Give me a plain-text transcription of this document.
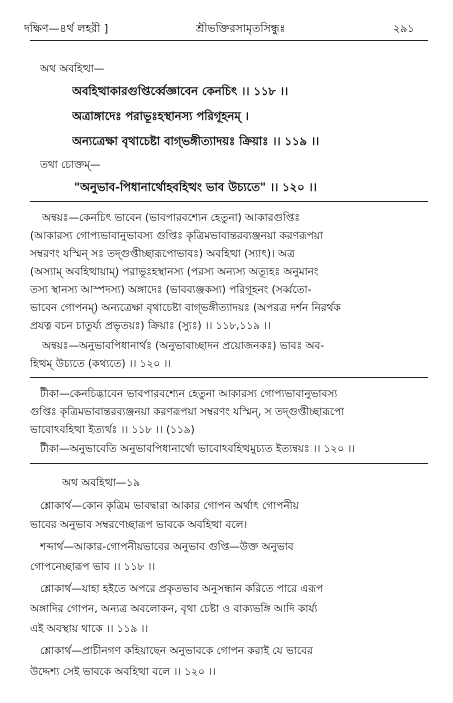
দক্ষিণ—৪র্থ লহরী ]	শ্রীভক্তিরসামৃতসিন্ধুঃ	২৯১
অথ অবহিত্থা—
অবহিত্থাকারগুপ্তিৰ্ব্বেজ্ঞাবেন কেনচিৎ ।। ১১৮ ।।
অত্রাঙ্গাদেঃ পরাভূঃহস্থানস্য পরিগূহনম্ ।
অন্যত্রেক্ষা বৃথাচেষ্টা বাগ্‌ভঙ্গীত্যাদয়ঃ ক্রিয়াঃ ।। ১১৯ ।।
তথা চোক্তম্—
"অনুভাব-পিধানার্থোহবহিত্থং ভাব উচ্যতে" ।। ১২০ ।।
অন্বয়ঃ—কেনচিৎ ভাবেন (ভাবপারবশ্যেন হেতুনা) আকারগুপ্তিঃ
(আকারস্য গোপ্যভাবানুভাবস্য গুপ্তিঃ কৃত্রিমভাবান্তরব্যঞ্জনয়া করণরূপয়া
সম্বরণং যস্মিন্ সঃ তদ্‌গুপ্তীচ্ছারূপোভাবঃ) অবহিত্থা (স্যাৎ)। অত্র
(অস্যাম্ অবহিত্থায়াম্) পরাভূঃহস্থানস্য (পরস্য অন্যস্য অত্যূহঃ অনুমানং
তস্য স্থানস্য আস্পদস্য) অঙ্গাদেঃ (ভাবব্যঞ্জকস্য) পরিগূহনং (সর্ব্বতো-
ভাবেন গোপনম্) অন্যত্রেক্ষা বৃথাচেষ্টা বাগ্‌ভঙ্গীত্যাদয়ঃ (অপরত্র দর্শন নিরর্থক
প্রযত্ন বচন চাতুর্য্য প্রভৃতয়ঃ) ক্রিয়াঃ (স্যুঃ) ।। ১১৮,১১৯ ।।
অন্বয়ঃ—অনুভাবপিধানার্থঃ (অনুভাবাচ্ছাদন প্রয়োজনকঃ) ভাবঃ অব-
হিত্থম্ উচ্যতে (কথ্যতে) ।। ১২০ ।।
টীকা—কেনচিদ্ভাবেন ভাবপারবশ্যেন হেতুনা আকারস্য গোপ্যভাবানুভাবস্য
গুপ্তিঃ কৃত্রিমভাবান্তরব্যঞ্জনয়া করণরূপয়া সম্বরণং যস্মিন্, স তদ্‌গুপ্তীচ্ছারূপো
ভাবোঽবহিত্থা ইত্যর্থঃ ।। ১১৮ ।। (১১৯)
টীকা—অনুভাবেতি অনুভাবপিধানার্থো ভাবোঽবহিত্থমুচ্যত ইত্যন্বয়ঃ ।। ১২০ ।।
অথ অবহিত্থা—১৯
শ্লোকার্থ—কোন কৃত্রিম ভাবদ্বারা আকার গোপন অর্থাৎ গোপনীয়
ভাবের অনুভাব সম্বরণেচ্ছারূপ ভাবকে অবহিত্থা বলে।
শব্দার্থ—আকার-গোপনীয়ভাবের অনুভাব গুপ্তি—উক্ত অনুভাব
গোপনেচ্ছারূপ ভাব ।। ১১৮ ।।
শ্লোকার্থ—যাহা হইতে অপরে প্রকৃতভাব অনুসন্ধান করিতে পারে এরূপ
অঙ্গাদির গোপন, অন্যত্র অবলোকন, বৃথা চেষ্টা ও বাক্যভঙ্গি আদি কার্য্য
এই অবস্থায় থাকে ।। ১১৯ ।।
শ্লোকার্থ—প্রাচীনগণ কহিয়াছেন অনুভাবকে গোপন করাই যে ভাবের
উদ্দেশ্য সেই ভাবকে অবহিত্থা বলে ।। ১২০ ।।
